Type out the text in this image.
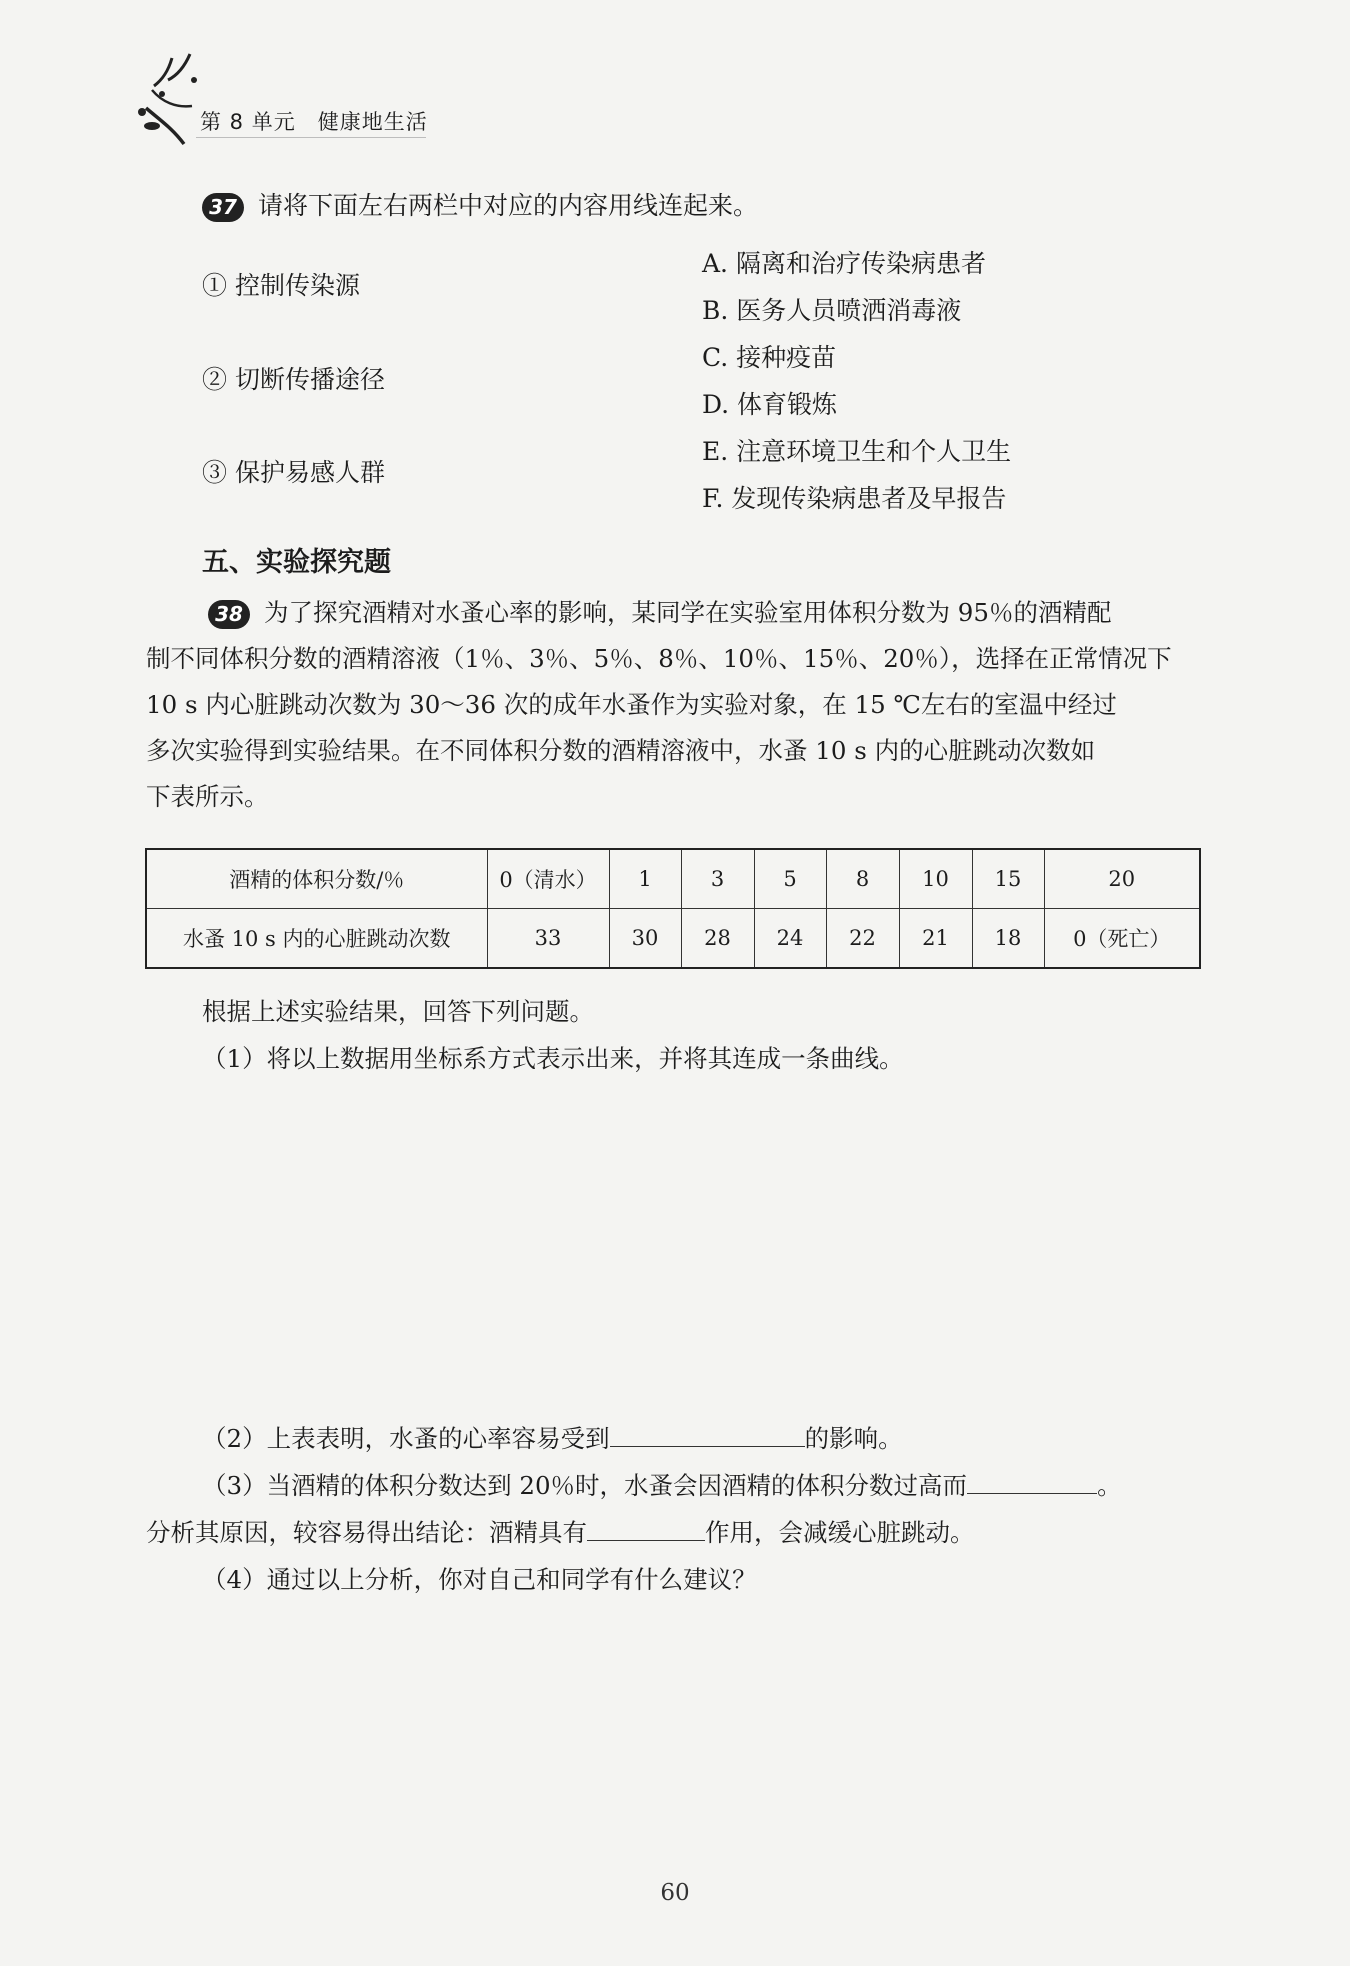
第 8 单元 健康地生活
37 请将下面左右两栏中对应的内容用线连起来。
① 控制传染源
② 切断传播途径
③ 保护易感人群
A. 隔离和治疗传染病患者
B. 医务人员喷洒消毒液
C. 接种疫苗
D. 体育锻炼
E. 注意环境卫生和个人卫生
F. 发现传染病患者及早报告
五、实验探究题
38 为了探究酒精对水蚤心率的影响，某同学在实验室用体积分数为 95％的酒精配
制不同体积分数的酒精溶液（1％、3％、5％、8％、10％、15％、20％），选择在正常情况下
10 s 内心脏跳动次数为 30～36 次的成年水蚤作为实验对象，在 15 ℃左右的室温中经过
多次实验得到实验结果。在不同体积分数的酒精溶液中，水蚤 10 s 内的心脏跳动次数如
下表所示。
酒精的体积分数/％	0（清水）	1	3	5	8	10	15	20
水蚤 10 s 内的心脏跳动次数	33	30	28	24	22	21	18	0（死亡）
根据上述实验结果，回答下列问题。
（1）将以上数据用坐标系方式表示出来，并将其连成一条曲线。
（2）上表表明，水蚤的心率容易受到	的影响。
（3）当酒精的体积分数达到 20％时，水蚤会因酒精的体积分数过高而	。
分析其原因，较容易得出结论：酒精具有	作用，会减缓心脏跳动。
（4）通过以上分析，你对自己和同学有什么建议？
60
